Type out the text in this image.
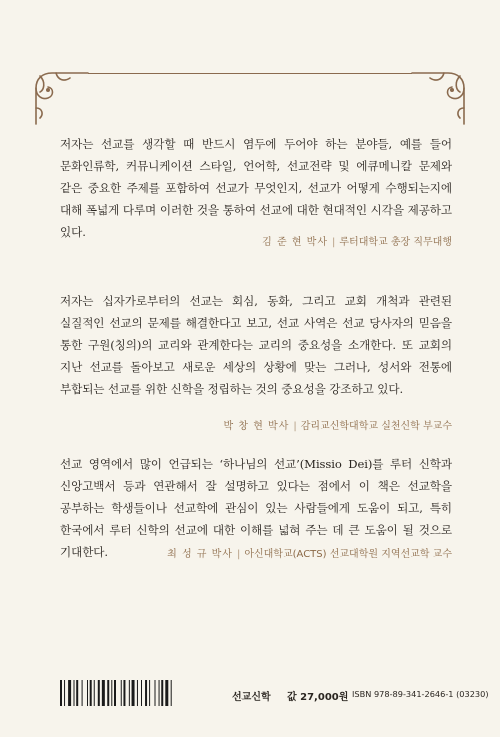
저자는 선교를 생각할 때 반드시 염두에 두어야 하는 분야들, 예를 들어 문화인류학, 커뮤니케이션 스타일, 언어학, 선교전략 및 에큐메니칼 문제와 같은 중요한 주제를 포함하여 선교가 무엇인지, 선교가 어떻게 수행되는지에 대해 폭넓게 다루며 이러한 것을 통하여 선교에 대한 현대적인 시각을 제공하고 있다.
김 준 현 박사 | 루터대학교 총장 직무대행
저자는 십자가로부터의 선교는 회심, 동화, 그리고 교회 개척과 관련된 실질적인 선교의 문제를 해결한다고 보고, 선교 사역은 선교 당사자의 믿음을 통한 구원(칭의)의 교리와 관계한다는 교리의 중요성을 소개한다. 또 교회의 지난 선교를 돌아보고 새로운 세상의 상황에 맞는 그러나, 성서와 전통에 부합되는 선교를 위한 신학을 정립하는 것의 중요성을 강조하고 있다.
박 창 현 박사 | 감리교신학대학교 실천신학 부교수
선교 영역에서 많이 언급되는 ‘하나님의 선교’(Missio Dei)를 루터 신학과 신앙고백서 등과 연관해서 잘 설명하고 있다는 점에서 이 책은 선교학을 공부하는 학생들이나 선교학에 관심이 있는 사람들에게 도움이 되고, 특히 한국에서 루터 신학의 선교에 대한 이해를 넓혀 주는 데 큰 도움이 될 것으로 기대한다.	최 성 규 박사 | 아신대학교(ACTS) 선교대학원 지역선교학 교수
선교신학 값 27,000원 ISBN 978-89-341-2646-1 (03230)
